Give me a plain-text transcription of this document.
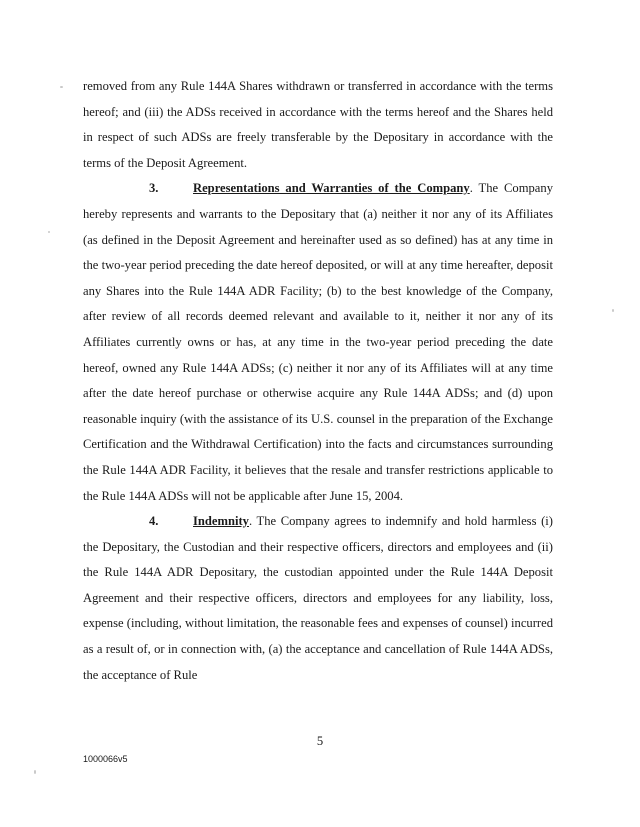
removed from any Rule 144A Shares withdrawn or transferred in accordance with the terms hereof; and (iii) the ADSs received in accordance with the terms hereof and the Shares held in respect of such ADSs are freely transferable by the Depositary in accordance with the terms of the Deposit Agreement.

3.	Representations and Warranties of the Company. The Company hereby represents and warrants to the Depositary that (a) neither it nor any of its Affiliates (as defined in the Deposit Agreement and hereinafter used as so defined) has at any time in the two-year period preceding the date hereof deposited, or will at any time hereafter, deposit any Shares into the Rule 144A ADR Facility; (b) to the best knowledge of the Company, after review of all records deemed relevant and available to it, neither it nor any of its Affiliates currently owns or has, at any time in the two-year period preceding the date hereof, owned any Rule 144A ADSs; (c) neither it nor any of its Affiliates will at any time after the date hereof purchase or otherwise acquire any Rule 144A ADSs; and (d) upon reasonable inquiry (with the assistance of its U.S. counsel in the preparation of the Exchange Certification and the Withdrawal Certification) into the facts and circumstances surrounding the Rule 144A ADR Facility, it believes that the resale and transfer restrictions applicable to the Rule 144A ADSs will not be applicable after June 15, 2004.

4.	Indemnity. The Company agrees to indemnify and hold harmless (i) the Depositary, the Custodian and their respective officers, directors and employees and (ii) the Rule 144A ADR Depositary, the custodian appointed under the Rule 144A Deposit Agreement and their respective officers, directors and employees for any liability, loss, expense (including, without limitation, the reasonable fees and expenses of counsel) incurred as a result of, or in connection with, (a) the acceptance and cancellation of Rule 144A ADSs, the acceptance of Rule

5
1000066v5
